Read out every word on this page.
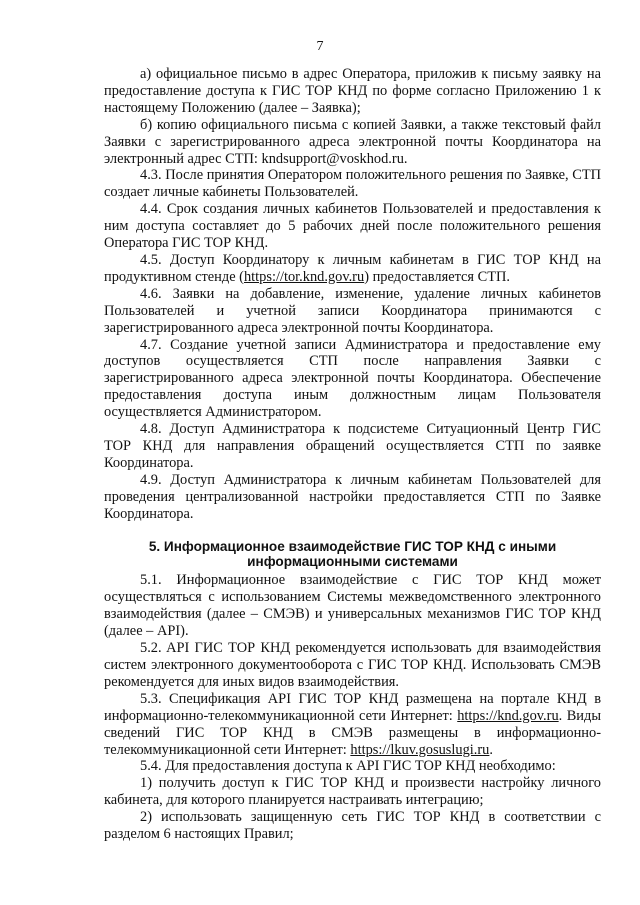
7

а) официальное письмо в адрес Оператора, приложив к письму заявку на предоставление доступа к ГИС ТОР КНД по форме согласно Приложению 1 к настоящему Положению (далее – Заявка);

б) копию официального письма с копией Заявки, а также текстовый файл Заявки с зарегистрированного адреса электронной почты Координатора на электронный адрес СТП: kndsupport@voskhod.ru.

4.3. После принятия Оператором положительного решения по Заявке, СТП создает личные кабинеты Пользователей.

4.4. Срок создания личных кабинетов Пользователей и предоставления к ним доступа составляет до 5 рабочих дней после положительного решения Оператора ГИС ТОР КНД.

4.5. Доступ Координатору к личным кабинетам в ГИС ТОР КНД на продуктивном стенде (https://tor.knd.gov.ru) предоставляется СТП.

4.6. Заявки на добавление, изменение, удаление личных кабинетов Пользователей и учетной записи Координатора принимаются с зарегистрированного адреса электронной почты Координатора.

4.7. Создание учетной записи Администратора и предоставление ему доступов осуществляется СТП после направления Заявки с зарегистрированного адреса электронной почты Координатора. Обеспечение предоставления доступа иным должностным лицам Пользователя осуществляется Администратором.

4.8. Доступ Администратора к подсистеме Ситуационный Центр ГИС ТОР КНД для направления обращений осуществляется СТП по заявке Координатора.

4.9. Доступ Администратора к личным кабинетам Пользователей для проведения централизованной настройки предоставляется СТП по Заявке Координатора.

5. Информационное взаимодействие ГИС ТОР КНД с иными информационными системами

5.1. Информационное взаимодействие с ГИС ТОР КНД может осуществляться с использованием Системы межведомственного электронного взаимодействия (далее – СМЭВ) и универсальных механизмов ГИС ТОР КНД (далее – API).

5.2. API ГИС ТОР КНД рекомендуется использовать для взаимодействия систем электронного документооборота с ГИС ТОР КНД. Использовать СМЭВ рекомендуется для иных видов взаимодействия.

5.3. Спецификация API ГИС ТОР КНД размещена на портале КНД в информационно-телекоммуникационной сети Интернет: https://knd.gov.ru. Виды сведений ГИС ТОР КНД в СМЭВ размещены в информационно-телекоммуникационной сети Интернет: https://lkuv.gosuslugi.ru.

5.4. Для предоставления доступа к API ГИС ТОР КНД необходимо:

1) получить доступ к ГИС ТОР КНД и произвести настройку личного кабинета, для которого планируется настраивать интеграцию;

2) использовать защищенную сеть ГИС ТОР КНД в соответствии с разделом 6 настоящих Правил;
